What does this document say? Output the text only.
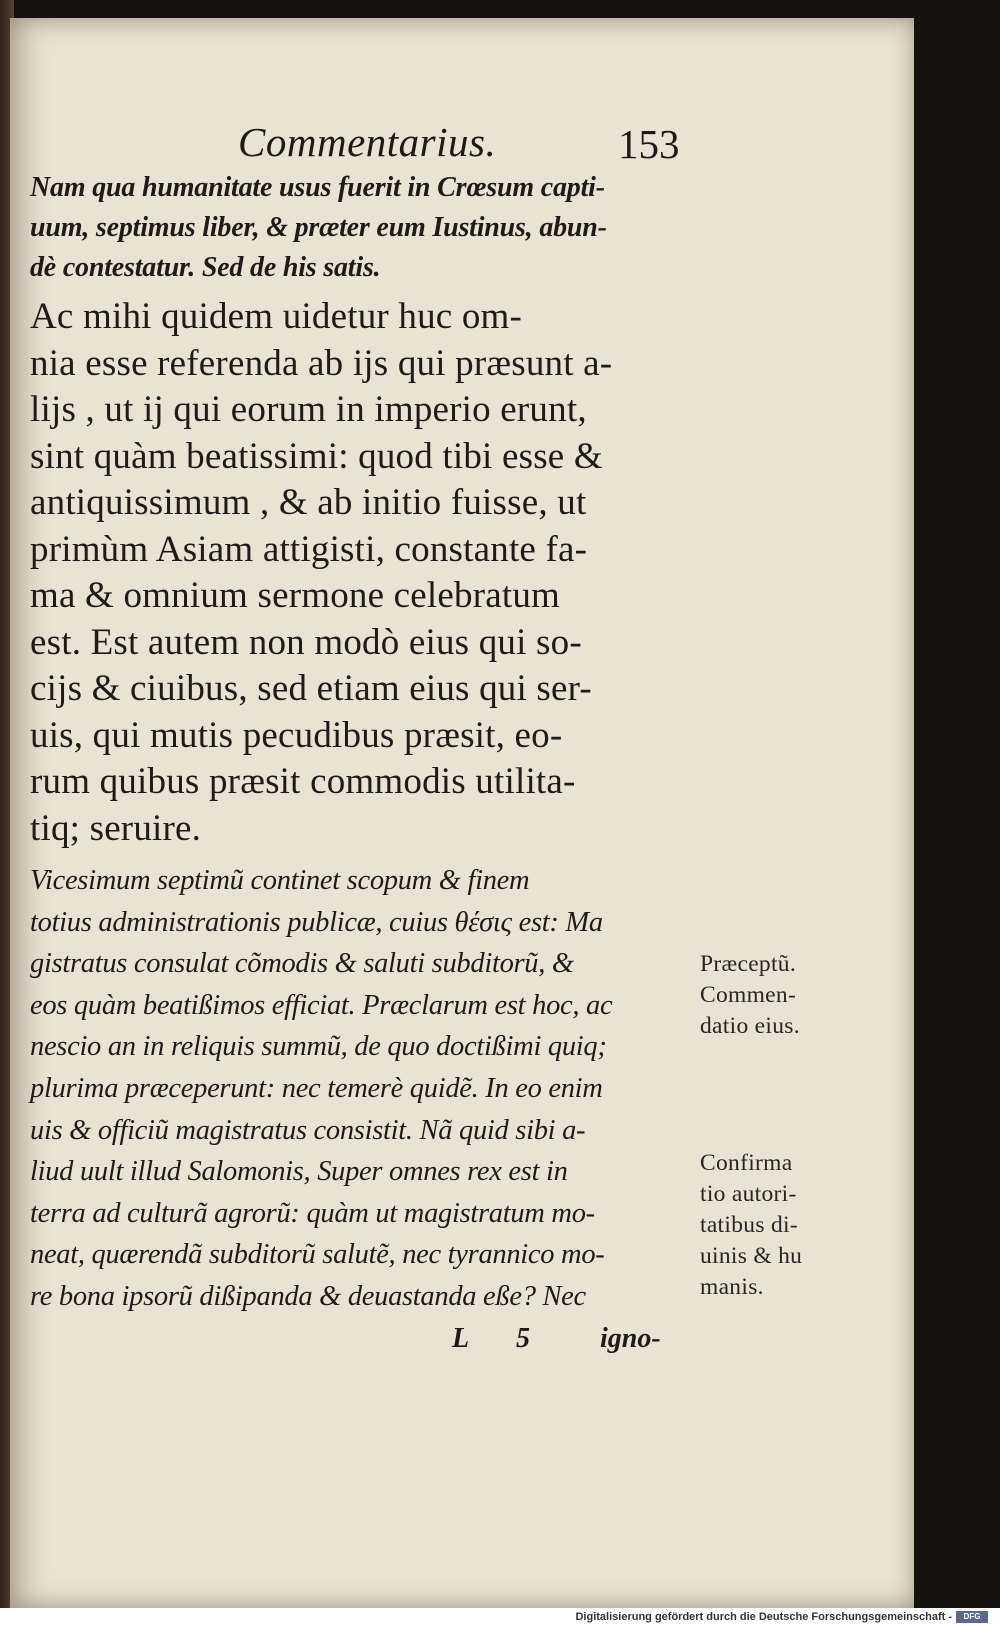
Commentarius.	153
Nam qua humanitate usus fuerit in Crœsum capti-
uum, septimus liber, & præter eum Iustinus, abun-
dè contestatur. Sed de his satis.
Ac mihi quidem uidetur huc om-
nia esse referenda ab ijs qui præsunt a-
lijs , ut ij qui eorum in imperio erunt,
sint quàm beatissimi: quod tibi esse &
antiquissimum , & ab initio fuisse, ut
primùm Asiam attigisti, constante fa-
ma & omnium sermone celebratum
est. Est autem non modò eius qui so-
cijs & ciuibus, sed etiam eius qui ser-
uis, qui mutis pecudibus præsit, eo-
rum quibus præsit commodis utilita-
tiq; seruire.
Vicesimum septimũ continet scopum & finem
totius administrationis publicæ, cuius θέσις est: Ma
gistratus consulat cõmodis & saluti subditorũ, &
eos quàm beatißimos efficiat. Præclarum est hoc, ac
nescio an in reliquis summũ, de quo doctißimi quiq;
plurima præceperunt: nec temerè quidẽ. In eo enim
uis & officiũ magistratus consistit. Nã quid sibi a-
liud uult illud Salomonis, Super omnes rex est in
terra ad culturã agrorũ: quàm ut magistratum mo-
neat, quærendã subditorũ salutẽ, nec tyrannico mo-
re bona ipsorũ dißipanda & deuastanda eße? Nec
L 5	igno-
Præceptũ.
Commen-
datio eius.
Confirma
tio autori-
tatibus di-
uinis & hu
manis.
Digitalisierung gefördert durch die Deutsche Forschungsgemeinschaft -	DFG
